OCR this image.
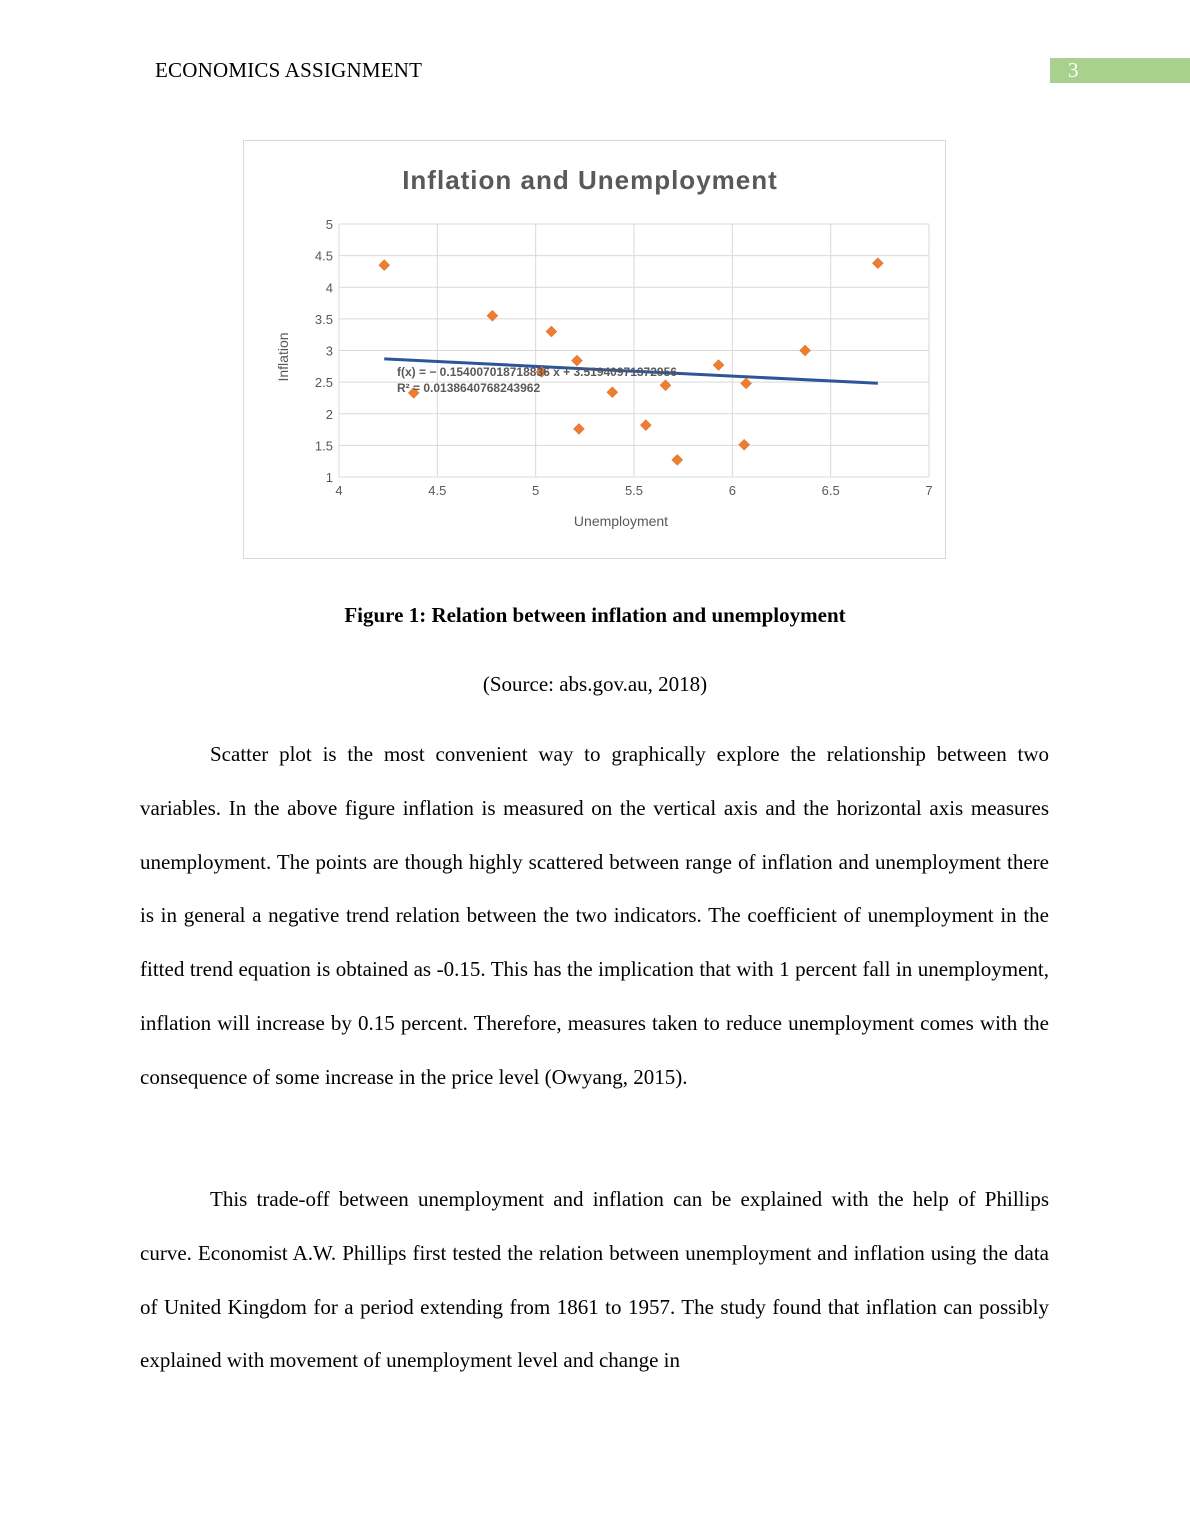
ECONOMICS ASSIGNMENT	3
Inflation and Unemployment
1
1.5
2
2.5
3
3.5
4
4.5
5
4	4.5	5	5.5	6	6.5	7
f(x) = − 0.154007018718836 x + 3.51940971372956
R² = 0.0138640768243962
Unemployment
Inflation
Figure 1: Relation between inflation and unemployment
(Source: abs.gov.au, 2018)

Scatter plot is the most convenient way to graphically explore the relationship between two variables. In the above figure inflation is measured on the vertical axis and the horizontal axis measures unemployment. The points are though highly scattered between range of inflation and unemployment there is in general a negative trend relation between the two indicators. The coefficient of unemployment in the fitted trend equation is obtained as -0.15. This has the implication that with 1 percent fall in unemployment, inflation will increase by 0.15 percent. Therefore, measures taken to reduce unemployment comes with the consequence of some increase in the price level (Owyang, 2015).

This trade-off between unemployment and inflation can be explained with the help of Phillips curve. Economist A.W. Phillips first tested the relation between unemployment and inflation using the data of United Kingdom for a period extending from 1861 to 1957. The study found that inflation can possibly explained with movement of unemployment level and change in
